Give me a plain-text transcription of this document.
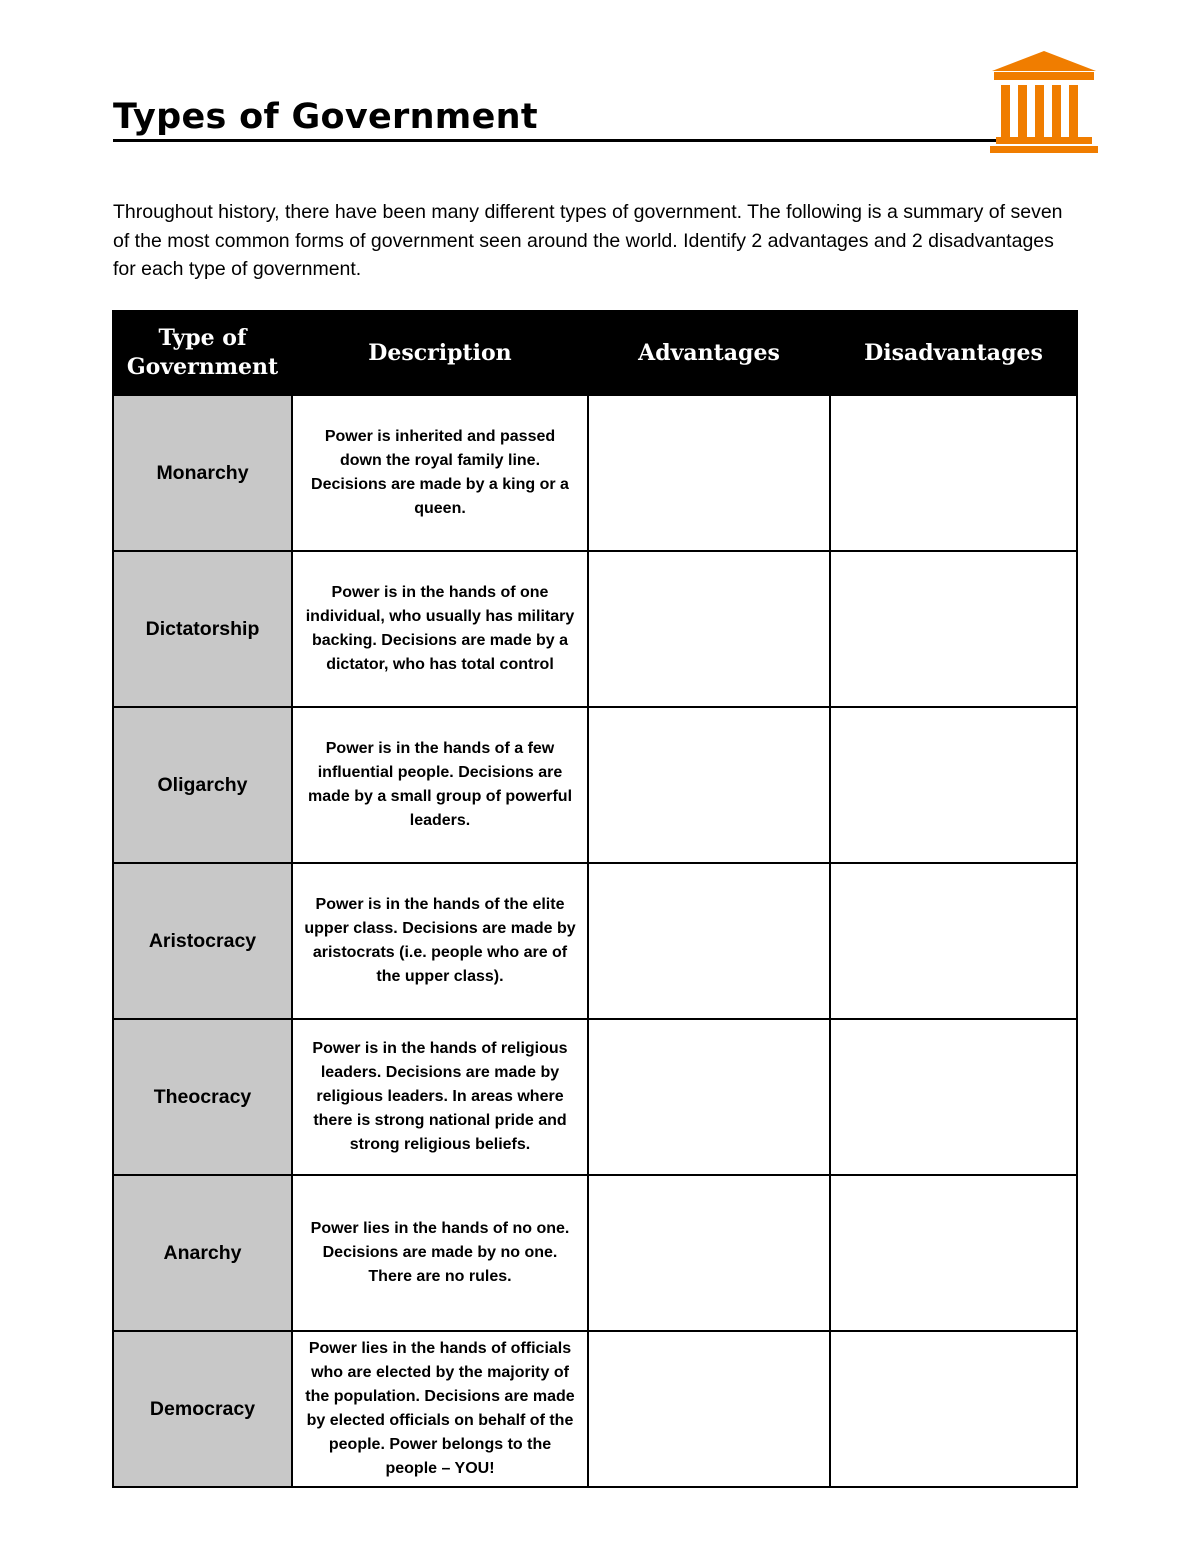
Types of Government

Throughout history, there have been many different types of government. The following is a summary of seven of the most common forms of government seen around the world. Identify 2 advantages and 2 disadvantages for each type of government.

Type of Government	Description	Advantages	Disadvantages
Monarchy	Power is inherited and passed down the royal family line. Decisions are made by a king or a queen.		
Dictatorship	Power is in the hands of one individual, who usually has military backing. Decisions are made by a dictator, who has total control		
Oligarchy	Power is in the hands of a few influential people. Decisions are made by a small group of powerful leaders.		
Aristocracy	Power is in the hands of the elite upper class. Decisions are made by aristocrats (i.e. people who are of the upper class).		
Theocracy	Power is in the hands of religious leaders. Decisions are made by religious leaders. In areas where there is strong national pride and strong religious beliefs.		
Anarchy	Power lies in the hands of no one. Decisions are made by no one. There are no rules.		
Democracy	Power lies in the hands of officials who are elected by the majority of the population. Decisions are made by elected officials on behalf of the people. Power belongs to the people – YOU!		
